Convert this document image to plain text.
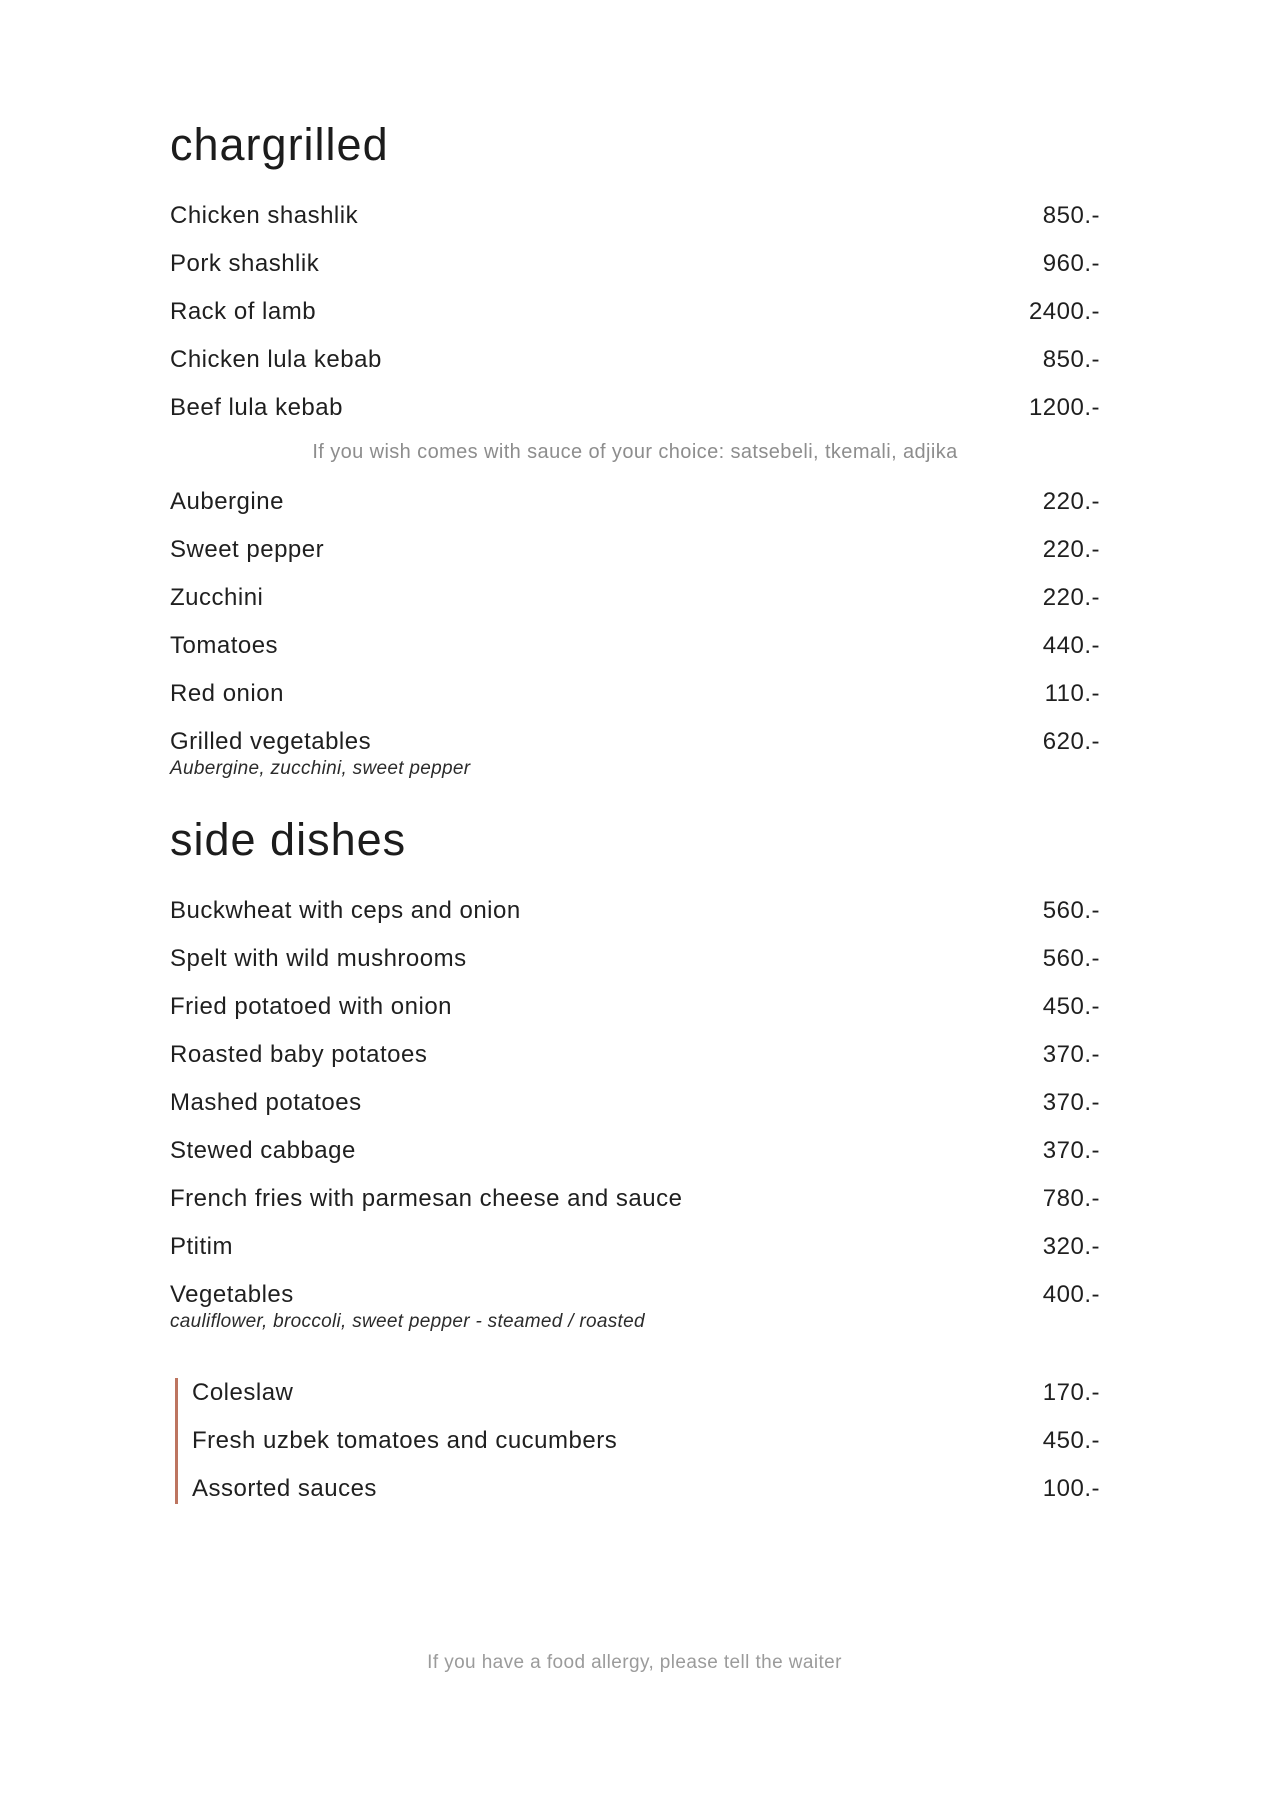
chargrilled
Chicken shashlik	850.-
Pork shashlik	960.-
Rack of lamb	2400.-
Chicken lula kebab	850.-
Beef lula kebab	1200.-

If you wish comes with sauce of your choice: satsebeli, tkemali, adjika

Aubergine	220.-
Sweet pepper	220.-
Zucchini	220.-
Tomatoes	440.-
Red onion	110.-
Grilled vegetables	620.-

Aubergine, zucchini, sweet pepper

side dishes
Buckwheat with ceps and onion	560.-
Spelt with wild mushrooms	560.-
Fried potatoed with onion	450.-
Roasted baby potatoes	370.-
Mashed potatoes	370.-
Stewed cabbage	370.-
French fries with parmesan cheese and sauce	780.-
Ptitim	320.-
Vegetables	400.-

cauliflower, broccoli, sweet pepper - steamed / roasted

Coleslaw	170.-
Fresh uzbek tomatoes and cucumbers	450.-
Assorted sauces	100.-
If you have a food allergy, please tell the waiter
